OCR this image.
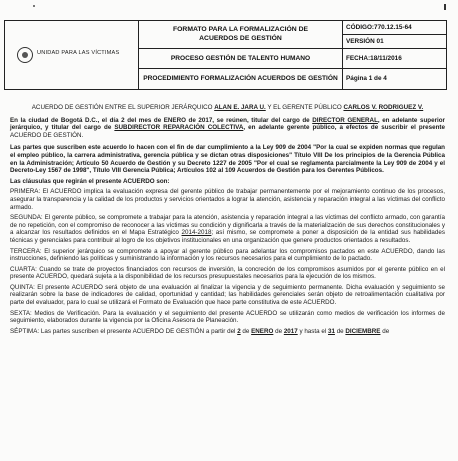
UNIDAD PARA LAS VÍCTIMAS
FORMATO PARA LA FORMALIZACIÓN DE
ACUERDOS DE GESTIÓN
CÓDIGO:770.12.15-64
VERSIÓN 01
PROCESO GESTIÓN DE TALENTO HUMANO	FECHA:18/11/2016
PROCEDIMIENTO FORMALIZACIÓN ACUERDOS DE GESTIÓN	Página 1 de 4

ACUERDO DE GESTIÓN ENTRE EL SUPERIOR JERÁRQUICO ALAN E. JARA U. Y EL GERENTE PÚBLICO CARLOS V. RODRIGUEZ V.

En la ciudad de Bogotá D.C., el día 2 del mes de ENERO de 2017, se reúnen, titular del cargo de DIRECTOR GENERAL, en adelante superior jerárquico, y titular del cargo de SUBDIRECTOR REPARACIÓN COLECTIVA, en adelante gerente público, a efectos de suscribir el presente ACUERDO DE GESTIÓN.

Las partes que suscriben este acuerdo lo hacen con el fin de dar cumplimiento a la Ley 909 de 2004 "Por la cual se expiden normas que regulan el empleo público, la carrera administrativa, gerencia pública y se dictan otras disposiciones" Título VIII De los principios de la Gerencia Pública en la Administración; Artículo 50 Acuerdo de Gestión y su Decreto 1227 de 2005 "Por el cual se reglamenta parcialmente la Ley 909 de 2004 y el Decreto-Ley 1567 de 1998", Título VIII Gerencia Pública; Artículos 102 al 109 Acuerdos de Gestión para los Gerentes Públicos.

Las cláusulas que regirán el presente ACUERDO son:

PRIMERA: El ACUERDO implica la evaluación expresa del gerente público de trabajar permanentemente por el mejoramiento continuo de los procesos, asegurar la transparencia y la calidad de los productos y servicios orientados a lograr la atención, asistencia y reparación integral a las víctimas del conflicto armado.

SEGUNDA: El gerente público, se compromete a trabajar para la atención, asistencia y reparación integral a las víctimas del conflicto armado, con garantía de no repetición, con el compromiso de reconocer a las víctimas su condición y dignificarla a través de la materialización de sus derechos constitucionales y a alcanzar los resultados definidos en el Mapa Estratégico 2014-2018; así mismo, se compromete a poner a disposición de la entidad sus habilidades técnicas y gerenciales para contribuir al logro de los objetivos institucionales en una organización que genere productos orientados a resultados.

TERCERA: El superior jerárquico se compromete a apoyar al gerente público para adelantar los compromisos pactados en este ACUERDO, dando las instrucciones, definiendo las políticas y suministrando la información y los recursos necesarios para el cumplimiento de lo pactado.

CUARTA: Cuando se trate de proyectos financiados con recursos de inversión, la concreción de los compromisos asumidos por el gerente público en el presente ACUERDO, quedará sujeta a la disponibilidad de los recursos presupuestales necesarios para la ejecución de los mismos.

QUINTA: El presente ACUERDO será objeto de una evaluación al finalizar la vigencia y de seguimiento permanente. Dicha evaluación y seguimiento se realizarán sobre la base de indicadores de calidad, oportunidad y cantidad; las habilidades gerenciales serán objeto de retroalimentación cualitativa por parte del evaluador, para lo cual se utilizará el Formato de Evaluación que hace parte constitutiva de este ACUERDO.

SEXTA: Medios de Verificación. Para la evaluación y el seguimiento del presente ACUERDO se utilizarán como medios de verificación los informes de seguimiento, elaborados durante la vigencia por la Oficina Asesora de Planeación.

SÉPTIMA: Las partes suscriben el presente ACUERDO DE GESTIÓN a partir del 2 de ENERO de 2017 y hasta el 31 de DICIEMBRE de
